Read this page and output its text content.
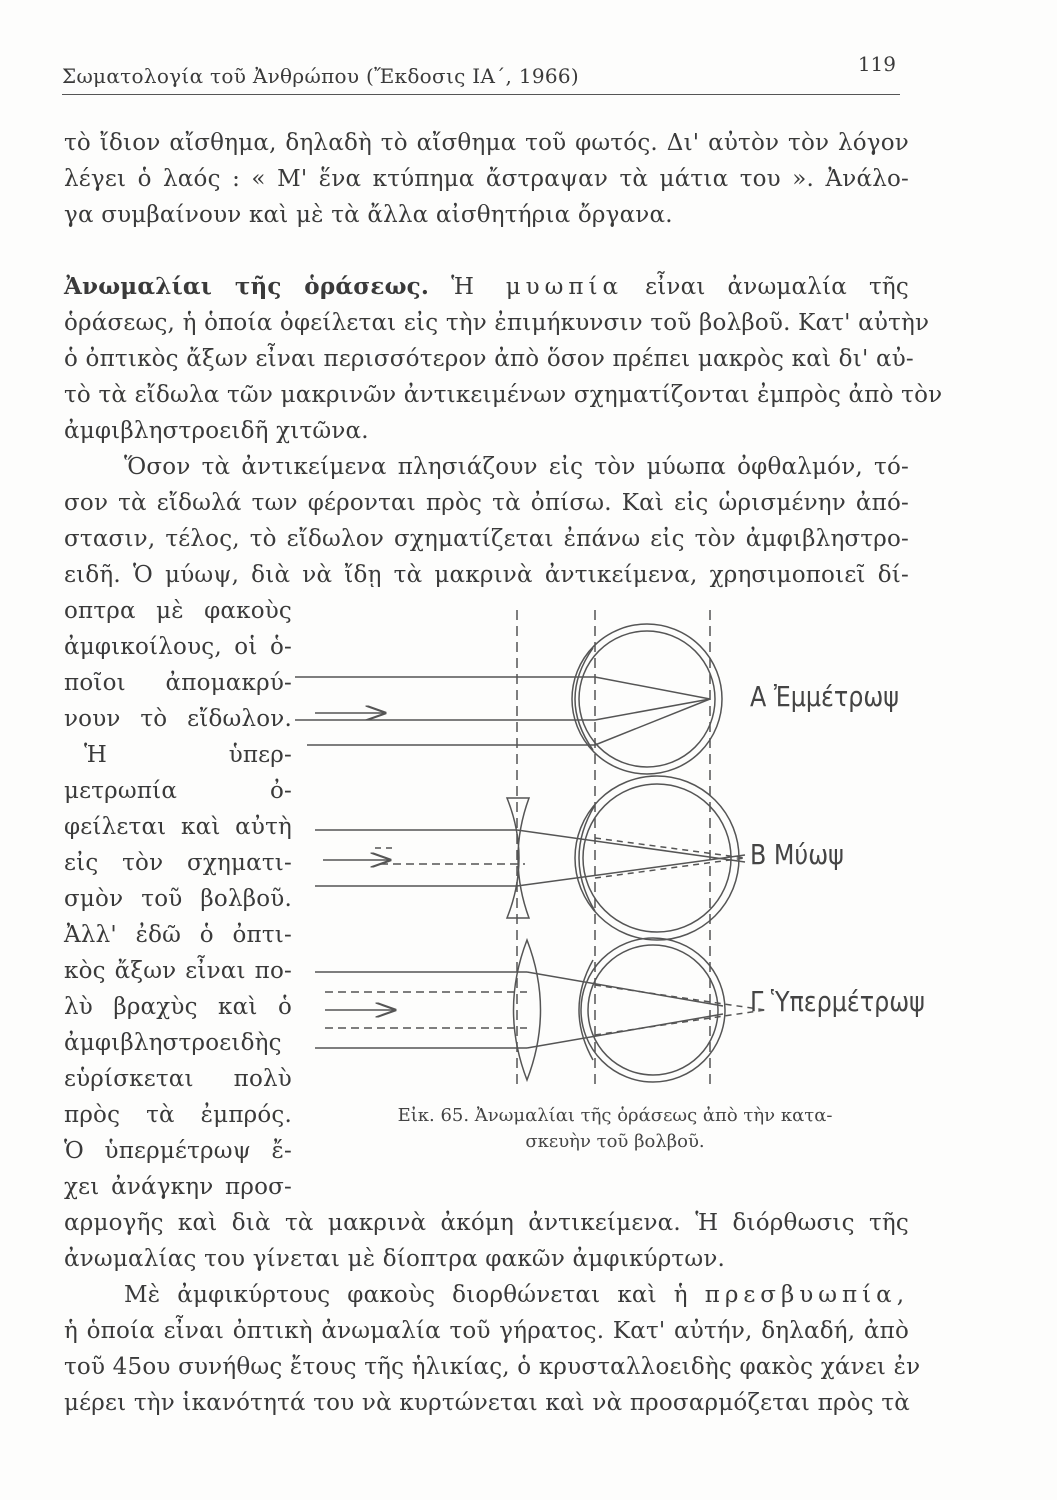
Σωματολογία τοῦ Ἀνθρώπου (Ἔκδοσις ΙΑ΄, 1966)	119
τὸ ἴδιον αἴσθημα, δηλαδὴ τὸ αἴσθημα τοῦ φωτός. Δι' αὐτὸν τὸν λόγον
λέγει ὁ λαός : « Μ' ἕνα κτύπημα ἄστραψαν τὰ μάτια του ». Ἀνάλο-
γα συμβαίνουν καὶ μὲ τὰ ἄλλα αἰσθητήρια ὄργανα.
Ἀνωμαλίαι τῆς ὁράσεως. Ἡ μυωπία εἶναι ἀνωμαλία τῆς
ὁράσεως, ἡ ὁποία ὀφείλεται εἰς τὴν ἐπιμήκυνσιν τοῦ βολβοῦ. Κατ' αὐτὴν
ὁ ὀπτικὸς ἄξων εἶναι περισσότερον ἀπὸ ὅσον πρέπει μακρὸς καὶ δι' αὐ-
τὸ τὰ εἴδωλα τῶν μακρινῶν ἀντικειμένων σχηματίζονται ἐμπρὸς ἀπὸ τὸν
ἀμφιβληστροειδῆ χιτῶνα.
Ὅσον τὰ ἀντικείμενα πλησιάζουν εἰς τὸν μύωπα ὀφθαλμόν, τό-
σον τὰ εἴδωλά των φέρονται πρὸς τὰ ὀπίσω. Καὶ εἰς ὡρισμένην ἀπό-
στασιν, τέλος, τὸ εἴδωλον σχηματίζεται ἐπάνω εἰς τὸν ἀμφιβληστρο-
ειδῆ. Ὁ μύωψ, διὰ νὰ ἴδῃ τὰ μακρινὰ ἀντικείμενα, χρησιμοποιεῖ δί-
οπτρα μὲ φακοὺς
ἀμφικοίλους, οἱ ὁ-
ποῖοι ἀπομακρύ-
νουν τὸ εἴδωλον.
Ἡ ὑπερ-
μετρωπία ὀ-
φείλεται καὶ αὐτὴ
εἰς τὸν σχηματι-
σμὸν τοῦ βολβοῦ.
Ἀλλ' ἐδῶ ὁ ὀπτι-
κὸς ἄξων εἶναι πο-
λὺ βραχὺς καὶ ὁ
ἀμφιβληστροειδὴς
εὑρίσκεται πολὺ
πρὸς τὰ ἐμπρός.
Ὁ ὑπερμέτρωψ ἔ-
χει ἀνάγκην προσ-
Α Ἐμμέτρωψ
Β Μύωψ
Γ Ὑπερμέτρωψ
Εἰκ. 65. Ἀνωμαλίαι τῆς ὁράσεως ἀπὸ τὴν κατα-
σκευὴν τοῦ βολβοῦ.
αρμογῆς καὶ διὰ τὰ μακρινὰ ἀκόμη ἀντικείμενα. Ἡ διόρθωσις τῆς
ἀνωμαλίας του γίνεται μὲ δίοπτρα φακῶν ἀμφικύρτων.
Μὲ ἀμφικύρτους φακοὺς διορθώνεται καὶ ἡ πρεσβυωπία,
ἡ ὁποία εἶναι ὀπτικὴ ἀνωμαλία τοῦ γήρατος. Κατ' αὐτήν, δηλαδή, ἀπὸ
τοῦ 45ου συνήθως ἔτους τῆς ἡλικίας, ὁ κρυσταλλοειδὴς φακὸς χάνει ἐν
μέρει τὴν ἱκανότητά του νὰ κυρτώνεται καὶ νὰ προσαρμόζεται πρὸς τὰ
